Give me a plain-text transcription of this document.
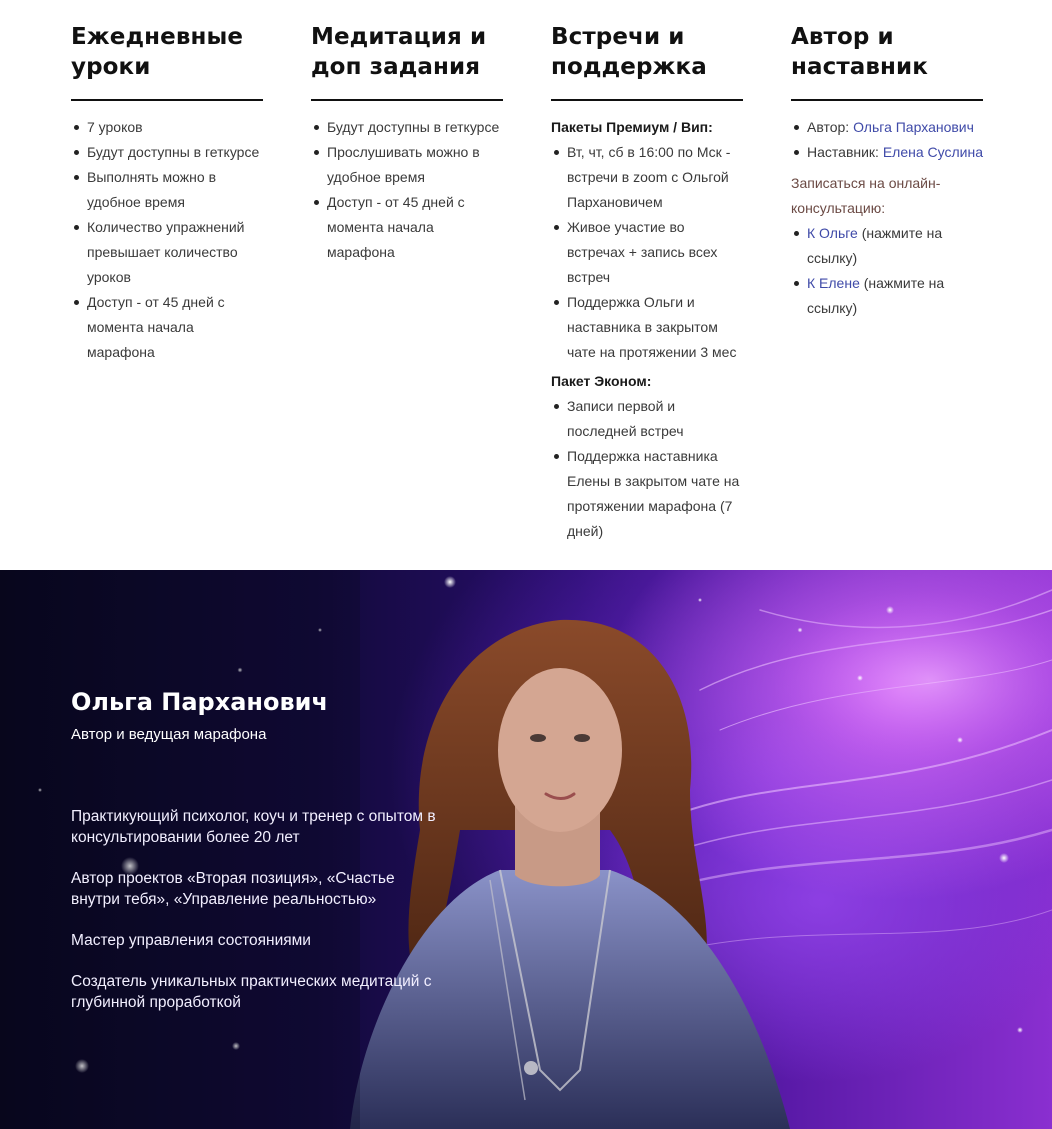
Ежедневные уроки
7 уроков
Будут доступны в геткурсе
Выполнять можно в удобное время
Количество упражнений превышает количество уроков
Доступ - от 45 дней с момента начала марафона
Медитация и доп задания
Будут доступны в геткурсе
Прослушивать можно в удобное время
Доступ - от 45 дней с момента начала марафона
Встречи и поддержка

Пакеты Премиум / Вип:

Вт, чт, сб в 16:00 по Мск - встречи в zoom с Ольгой Пархановичем
Живое участие во встречах + запись всех встреч
Поддержка Ольги и наставника в закрытом чате на протяжении 3 мес

Пакет Эконом:

Записи первой и последней встреч
Поддержка наставника Елены в закрытом чате на протяжении марафона (7 дней)
Автор и наставник
Автор: Ольга Парханович
Наставник: Елена Суслина

Записаться на онлайн-консультацию:

К Ольге (нажмите на ссылку)
К Елене (нажмите на ссылку)
Ольга Парханович
Автор и ведущая марафона

Практикующий психолог, коуч и тренер с опытом в консультировании более 20 лет

Автор проектов «Вторая позиция», «Счастье внутри тебя», «Управление реальностью»

Мастер управления состояниями

Создатель уникальных практических медитаций с глубинной проработкой
